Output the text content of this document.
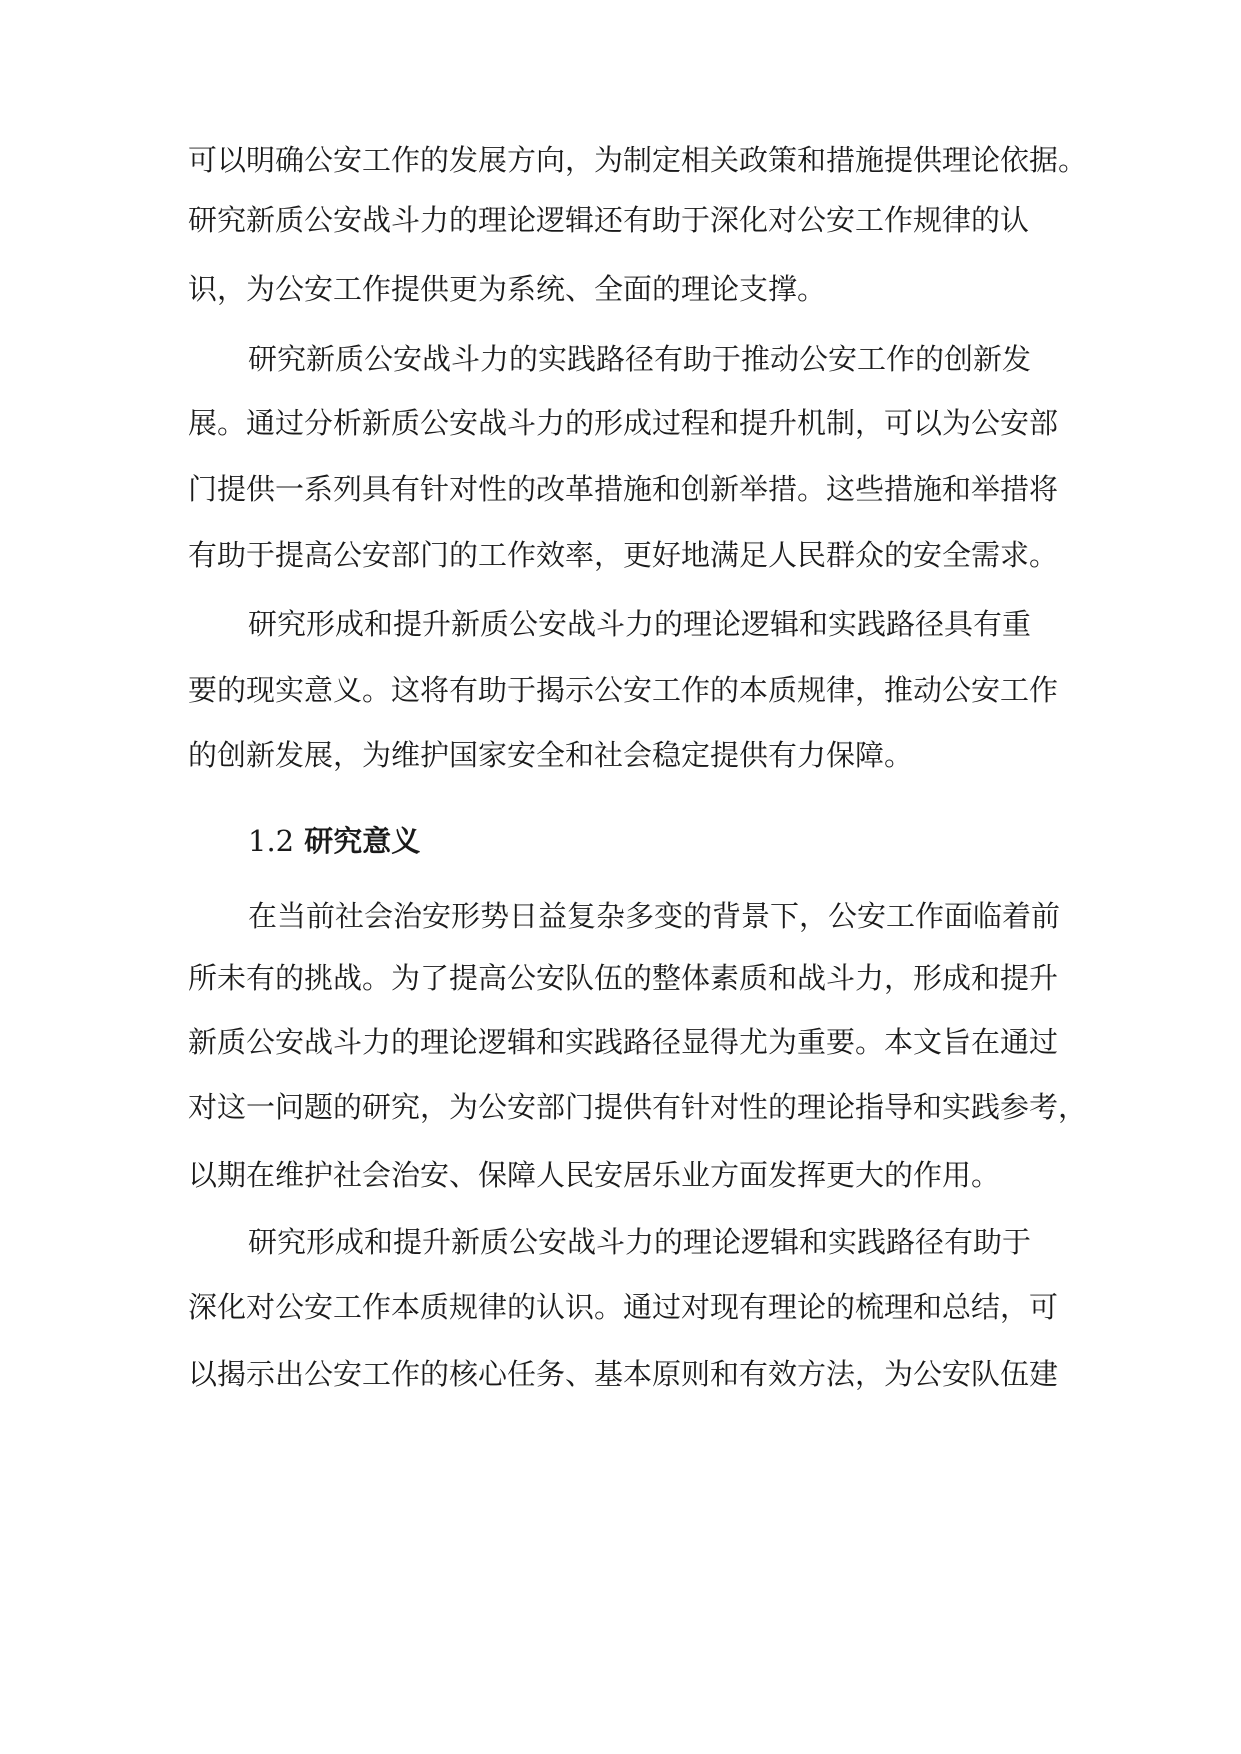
可以明确公安工作的发展方向，为制定相关政策和措施提供理论依据。

研究新质公安战斗力的理论逻辑还有助于深化对公安工作规律的认

识，为公安工作提供更为系统、全面的理论支撑。

研究新质公安战斗力的实践路径有助于推动公安工作的创新发

展。通过分析新质公安战斗力的形成过程和提升机制，可以为公安部

门提供一系列具有针对性的改革措施和创新举措。这些措施和举措将

有助于提高公安部门的工作效率，更好地满足人民群众的安全需求。

研究形成和提升新质公安战斗力的理论逻辑和实践路径具有重

要的现实意义。这将有助于揭示公安工作的本质规律，推动公安工作

的创新发展，为维护国家安全和社会稳定提供有力保障。

1.2 研究意义

在当前社会治安形势日益复杂多变的背景下，公安工作面临着前

所未有的挑战。为了提高公安队伍的整体素质和战斗力，形成和提升

新质公安战斗力的理论逻辑和实践路径显得尤为重要。本文旨在通过

对这一问题的研究，为公安部门提供有针对性的理论指导和实践参考，

以期在维护社会治安、保障人民安居乐业方面发挥更大的作用。

研究形成和提升新质公安战斗力的理论逻辑和实践路径有助于

深化对公安工作本质规律的认识。通过对现有理论的梳理和总结，可

以揭示出公安工作的核心任务、基本原则和有效方法，为公安队伍建
